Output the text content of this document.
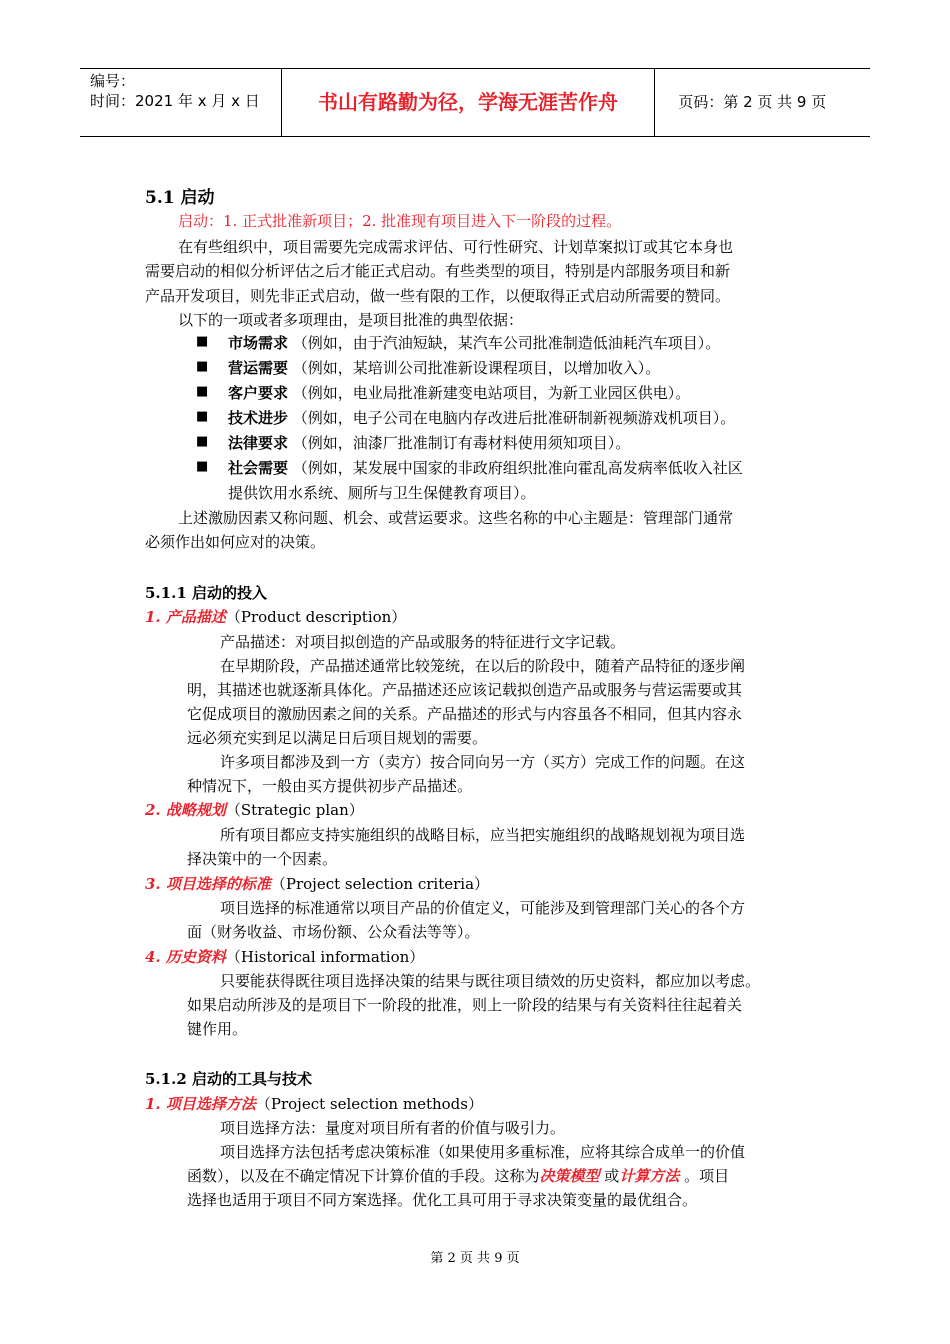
编号：
时间：2021 年 x 月 x 日	书山有路勤为径，学海无涯苦作舟	页码：第 2 页 共 9 页
5.1 启动
启动：1. 正式批准新项目；2. 批准现有项目进入下一阶段的过程。
在有些组织中，项目需要先完成需求评估、可行性研究、计划草案拟订或其它本身也
需要启动的相似分析评估之后才能正式启动。有些类型的项目，特别是内部服务项目和新
产品开发项目，则先非正式启动，做一些有限的工作，以便取得正式启动所需要的赞同。
以下的一项或者多项理由，是项目批准的典型依据：
■ 市场需求 （例如，由于汽油短缺，某汽车公司批准制造低油耗汽车项目）。
■ 营运需要 （例如，某培训公司批准新设课程项目，以增加收入）。
■ 客户要求 （例如，电业局批准新建变电站项目，为新工业园区供电）。
■ 技术进步 （例如，电子公司在电脑内存改进后批准研制新视频游戏机项目）。
■ 法律要求 （例如，油漆厂批准制订有毒材料使用须知项目）。
■ 社会需要 （例如，某发展中国家的非政府组织批准向霍乱高发病率低收入社区
提供饮用水系统、厕所与卫生保健教育项目）。
上述激励因素又称问题、机会、或营运要求。这些名称的中心主题是：管理部门通常
必须作出如何应对的决策。
5.1.1 启动的投入
1. 产品描述（Product description）
产品描述：对项目拟创造的产品或服务的特征进行文字记载。
在早期阶段，产品描述通常比较笼统，在以后的阶段中，随着产品特征的逐步阐
明，其描述也就逐渐具体化。产品描述还应该记载拟创造产品或服务与营运需要或其
它促成项目的激励因素之间的关系。产品描述的形式与内容虽各不相同，但其内容永
远必须充实到足以满足日后项目规划的需要。
许多项目都涉及到一方（卖方）按合同向另一方（买方）完成工作的问题。在这
种情况下，一般由买方提供初步产品描述。
2. 战略规划（Strategic plan）
所有项目都应支持实施组织的战略目标，应当把实施组织的战略规划视为项目选
择决策中的一个因素。
3. 项目选择的标准（Project selection criteria）
项目选择的标准通常以项目产品的价值定义，可能涉及到管理部门关心的各个方
面（财务收益、市场份额、公众看法等等）。
4. 历史资料（Historical information）
只要能获得既往项目选择决策的结果与既往项目绩效的历史资料，都应加以考虑。
如果启动所涉及的是项目下一阶段的批准，则上一阶段的结果与有关资料往往起着关
键作用。
5.1.2 启动的工具与技术
1. 项目选择方法（Project selection methods）
项目选择方法：量度对项目所有者的价值与吸引力。
项目选择方法包括考虑决策标准（如果使用多重标准，应将其综合成单一的价值
函数），以及在不确定情况下计算价值的手段。这称为决策模型 或计算方法 。项目
选择也适用于项目不同方案选择。优化工具可用于寻求决策变量的最优组合。
第 2 页 共 9 页
